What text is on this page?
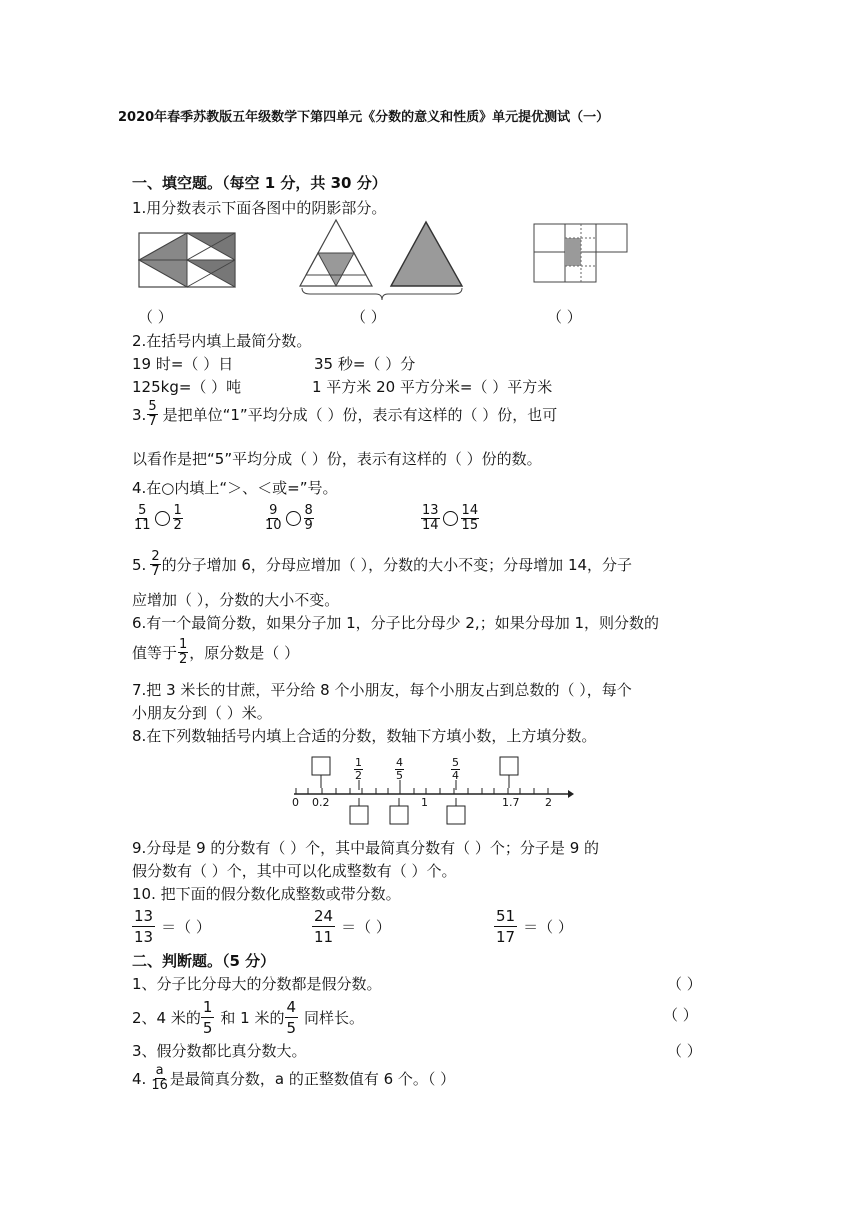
2020年春季苏教版五年级数学下第四单元《分数的意义和性质》单元提优测试（一）
一、填空题。（每空 1 分，共 30 分）
1.用分数表示下面各图中的阴影部分。
（ ）	（ ）	（ ）
2.在括号内填上最简分数。
19 时=（ ）日	35 秒=（ ）分
125kg=（ ）吨	1 平方米 20 平方分米=（ ）平方米
3. $\frac{5}{7}$ 是把单位“1”平均分成（ ）份，表示有这样的（ ）份，也可
以看作是把“5”平均分成（ ）份，表示有这样的（ ）份的数。
4.在○内填上“＞、＜或=”号。
$\frac{5}{11} \frac{1}{2}$	$\frac{9}{10} \frac{8}{9}$	$\frac{13}{14} \frac{14}{15}$
5. $\frac{2}{7}$ 的分子增加 6，分母应增加（ ），分数的大小不变；分母增加 14，分子
应增加（ ），分数的大小不变。
6.有一个最简分数，如果分子加 1，分子比分母少 2,；如果分母加 1，则分数的
值等于 $\frac{1}{2}$ ，原分数是（ ）
7.把 3 米长的甘蔗，平分给 8 个小朋友，每个小朋友占到总数的（ ），每个
小朋友分到（ ）米。
8.在下列数轴括号内填上合适的分数，数轴下方填小数，上方填分数。
0 0.2	1	1.7 2
$\frac{1}{2}$	$\frac{4}{5}$	$\frac{5}{4}$
9.分母是 9 的分数有（ ）个，其中最简真分数有（ ）个；分子是 9 的
假分数有（ ）个，其中可以化成整数有（ ）个。
10. 把下面的假分数化成整数或带分数。
$\frac{13}{13}$ ＝（ ）	$\frac{24}{11}$ ＝（ ）	$\frac{51}{17}$ ＝（ ）
二、判断题。（5 分）
1、分子比分母大的分数都是假分数。	（ ）
2、4 米的 $\frac{1}{5}$ 和 1 米的 $\frac{4}{5}$ 同样长。	（ ）
3、假分数都比真分数大。	（ ）
4. $\frac{a}{16}$ 是最简真分数，a 的正整数值有 6 个。（ ）
